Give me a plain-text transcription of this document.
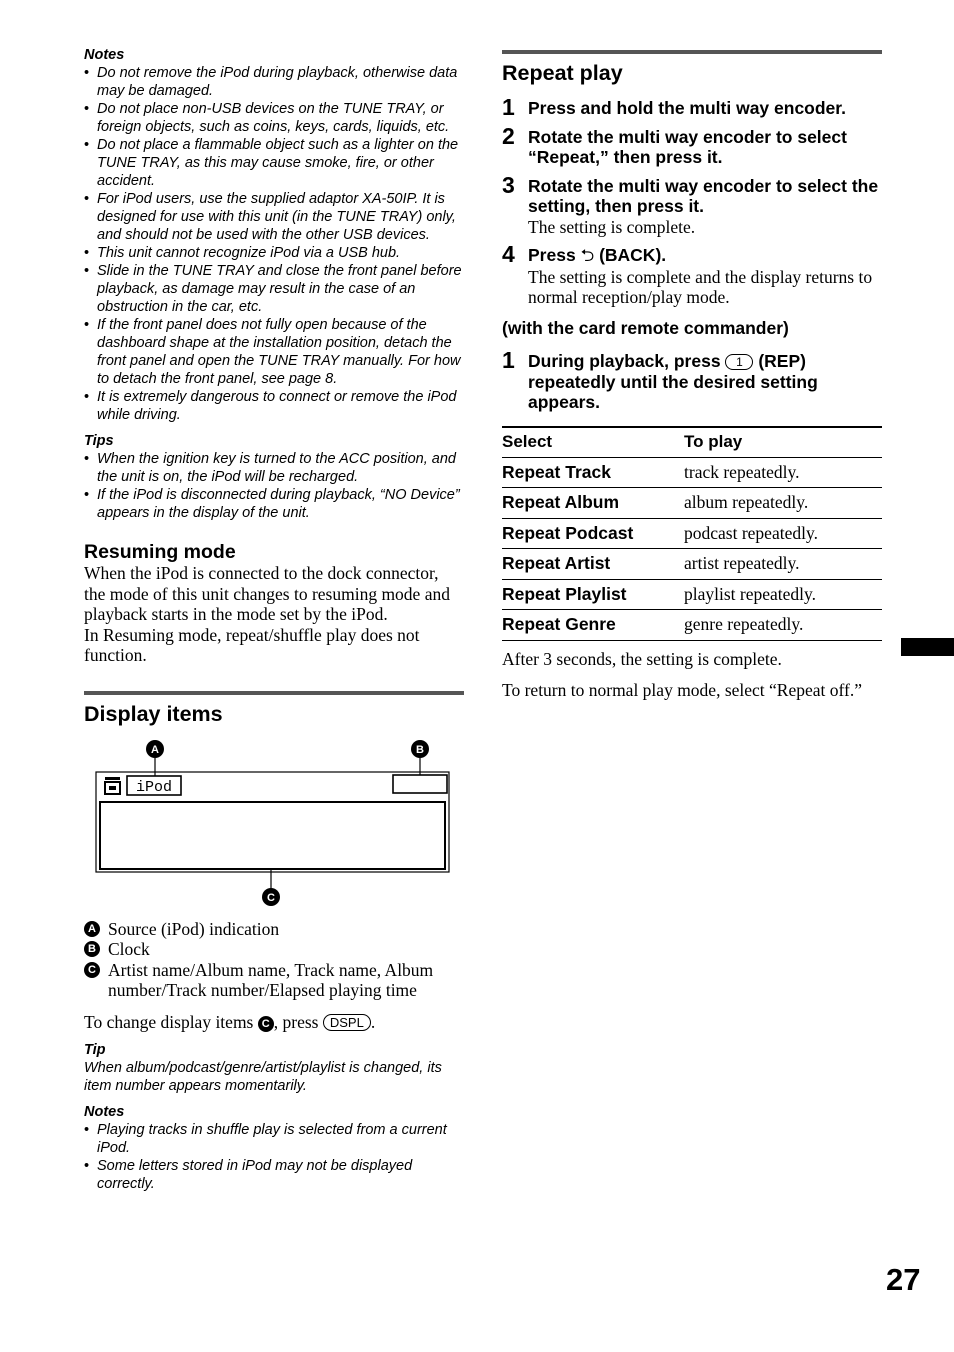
Notes
• Do not remove the iPod during playback, otherwise data may be damaged.
• Do not place non-USB devices on the TUNE TRAY, or foreign objects, such as coins, keys, cards, liquids, etc.
• Do not place a flammable object such as a lighter on the TUNE TRAY, as this may cause smoke, fire, or other accident.
• For iPod users, use the supplied adaptor XA-50IP. It is designed for use with this unit (in the TUNE TRAY) only, and should not be used with the other USB devices.
• This unit cannot recognize iPod via a USB hub.
• Slide in the TUNE TRAY and close the front panel before playback, as damage may result in the case of an obstruction in the car, etc.
• If the front panel does not fully open because of the dashboard shape at the installation position, detach the front panel and open the TUNE TRAY manually. For how to detach the front panel, see page 8.
• It is extremely dangerous to connect or remove the iPod while driving.
Tips
• When the ignition key is turned to the ACC position, and the unit is on, the iPod will be recharged.
• If the iPod is disconnected during playback, “NO Device” appears in the display of the unit.
Resuming mode

When the iPod is connected to the dock connector, the mode of this unit changes to resuming mode and playback starts in the mode set by the iPod.

In Resuming mode, repeat/shuffle play does not function.

Display items
iPod
A	B
C
A Source (iPod) indication
B Clock
C Artist name/Album name, Track name, Album number/Track number/Elapsed playing time

To change display items C , press DSPL .

Tip

When album/podcast/genre/artist/playlist is changed, its item number appears momentarily.

Notes
• Playing tracks in shuffle play is selected from a current iPod.
• Some letters stored in iPod may not be displayed correctly.
Repeat play
1 Press and hold the multi way encoder.
2 Rotate the multi way encoder to select “Repeat,” then press it.
3 Rotate the multi way encoder to select the setting, then press it.
The setting is complete.
4 Press ⮌ (BACK).
The setting is complete and the display returns to normal reception/play mode.
(with the card remote commander)
1 During playback, press 1 (REP) repeatedly until the desired setting appears.
Select	To play
Repeat Track	track repeatedly.
Repeat Album	album repeatedly.
Repeat Podcast	podcast repeatedly.
Repeat Artist	artist repeatedly.
Repeat Playlist	playlist repeatedly.
Repeat Genre	genre repeatedly.

After 3 seconds, the setting is complete.

To return to normal play mode, select “Repeat off.”

27
